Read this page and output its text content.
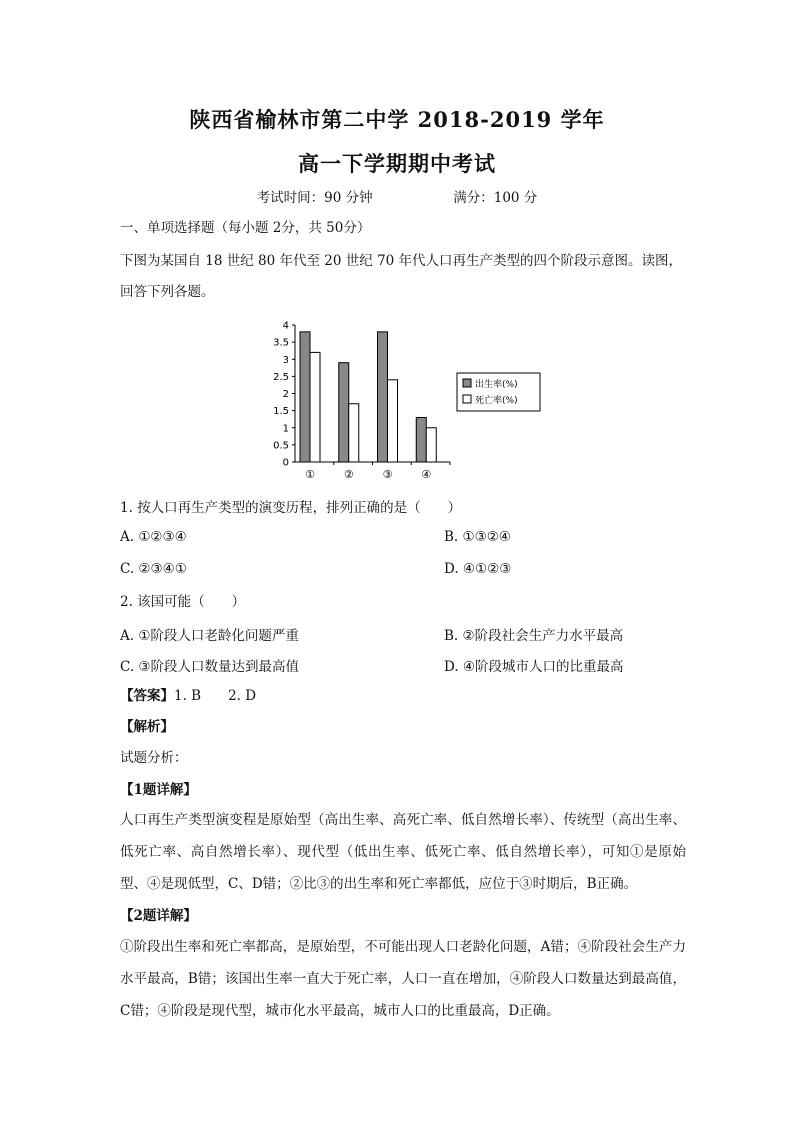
陕西省榆林市第二中学 2018-2019 学年
高一下学期期中考试
考试时间：90 分钟	满分：100 分
一、单项选择题（每小题 2分，共 50分）
下图为某国自 18 世纪 80 年代至 20 世纪 70 年代人口再生产类型的四个阶段示意图。读图，
回答下列各题。
0
0.5
1
1.5
2
2.5
3
3.5
4
①	②	③	④
出生率(%)
死亡率(%)
1. 按人口再生产类型的演变历程，排列正确的是（　　）
A. ①②③④	B. ①③②④
C. ②③④①	D. ④①②③
2. 该国可能（　　）
A. ①阶段人口老龄化问题严重	B. ②阶段社会生产力水平最高
C. ③阶段人口数量达到最高值	D. ④阶段城市人口的比重最高
【答案】1. B　　2. D
【解析】
试题分析：
【1题详解】
人口再生产类型演变程是原始型（高出生率、高死亡率、低自然增长率）、传统型（高出生率、低死亡率、高自然增长率）、现代型（低出生率、低死亡率、低自然增长率），可知①是原始型、④是现低型，C、D错；②比③的出生率和死亡率都低，应位于③时期后，B正确。
【2题详解】
①阶段出生率和死亡率都高，是原始型，不可能出现人口老龄化问题，A错；④阶段社会生产力水平最高，B错；该国出生率一直大于死亡率，人口一直在增加，④阶段人口数量达到最高值，C错；④阶段是现代型，城市化水平最高，城市人口的比重最高，D正确。
